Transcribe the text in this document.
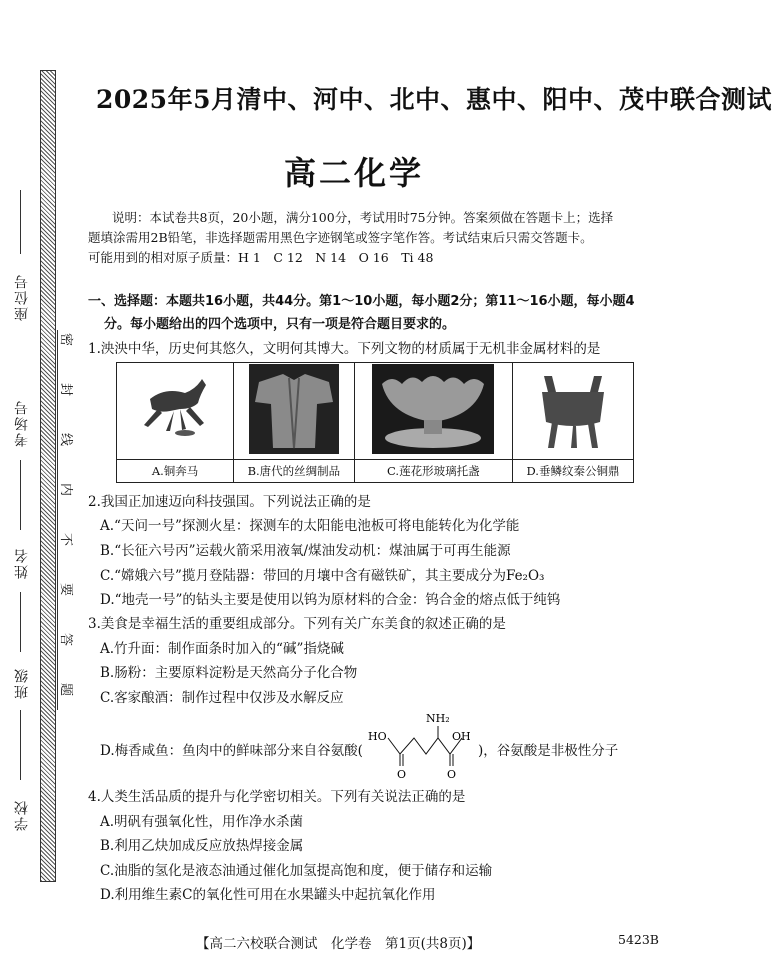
座位号
考场号
姓名
班级
学校
密
封
线
内
不
要
答
题
2025年5月清中、河中、北中、惠中、阳中、茂中联合测试
高二化学
说明：本试卷共8页，20小题，满分100分，考试用时75分钟。答案须做在答题卡上；选择
题填涂需用2B铅笔，非选择题需用黑色字迹钢笔或签字笔作答。考试结束后只需交答题卡。
可能用到的相对原子质量：H 1　C 12　N 14　O 16　Ti 48
一、选择题：本题共16小题，共44分。第1～10小题，每小题2分；第11～16小题，每小题4
分。每小题给出的四个选项中，只有一项是符合题目要求的。
1.泱泱中华，历史何其悠久，文明何其博大。下列文物的材质属于无机非金属材料的是

A.铜奔马	B.唐代的丝绸制品	C.莲花形玻璃托盏	D.垂鳞纹秦公铜鼎
2.我国正加速迈向科技强国。下列说法正确的是
A.“天问一号”探测火星：探测车的太阳能电池板可将电能转化为化学能
B.“长征六号丙”运载火箭采用液氧/煤油发动机：煤油属于可再生能源
C.“嫦娥六号”揽月登陆器：带回的月壤中含有磁铁矿，其主要成分为Fe₂O₃
D.“地壳一号”的钻头主要是使用以钨为原材料的合金：钨合金的熔点低于纯钨
3.美食是幸福生活的重要组成部分。下列有关广东美食的叙述正确的是
A.竹升面：制作面条时加入的“碱”指烧碱
B.肠粉：主要原料淀粉是天然高分子化合物
C.客家酿酒：制作过程中仅涉及水解反应
D.梅香咸鱼：鱼肉中的鲜味部分来自谷氨酸(
NH₂
HO	OH
O	O
)，谷氨酸是非极性分子
4.人类生活品质的提升与化学密切相关。下列有关说法正确的是
A.明矾有强氧化性，用作净水杀菌
B.利用乙炔加成反应放热焊接金属
C.油脂的氢化是液态油通过催化加氢提高饱和度，便于储存和运输
D.利用维生素C的氧化性可用在水果罐头中起抗氧化作用
【高二六校联合测试　化学卷　第1页(共8页)】	5423B
